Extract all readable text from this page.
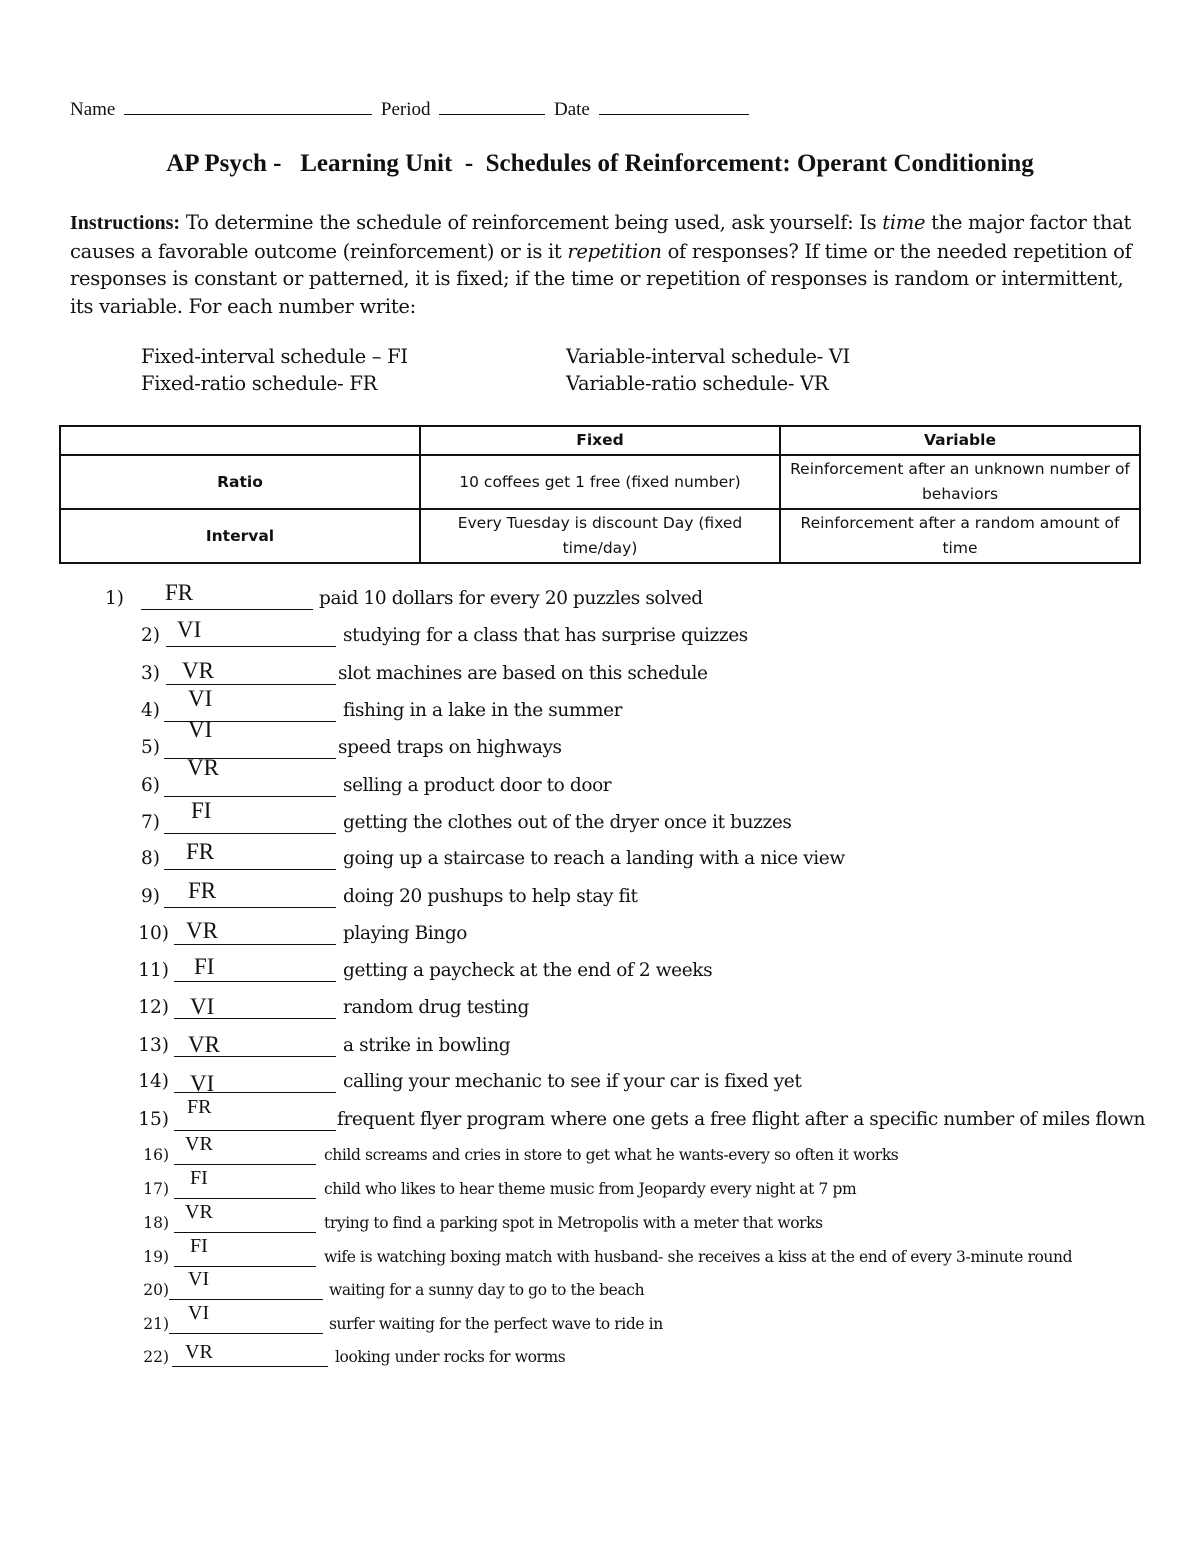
Name	Period	Date
AP Psych -   Learning Unit  -  Schedules of Reinforcement: Operant Conditioning
Instructions: To determine the schedule of reinforcement being used, ask yourself: Is time the major factor that causes a favorable outcome (reinforcement) or is it repetition of responses? If time or the needed repetition of responses is constant or patterned, it is fixed; if the time or repetition of responses is random or intermittent, its variable. For each number write:
Fixed-interval schedule – FI
Fixed-ratio schedule- FR
Variable-interval schedule- VI
Variable-ratio schedule- VR
	Fixed	Variable
Ratio	10 coffees get 1 free (fixed number)	Reinforcement after an unknown number of behaviors
Interval	Every Tuesday is discount Day (fixed time/day)	Reinforcement after a random amount of time
1) FR	paid 10 dollars for every 20 puzzles solved
2) VI	studying for a class that has surprise quizzes
3) VR	slot machines are based on this schedule
4) VI	fishing in a lake in the summer
5)
VI
speed traps on highways
6)
VR
selling a product door to door
7) FI	getting the clothes out of the dryer once it buzzes
8) FR	going up a staircase to reach a landing with a nice view
9) FR	doing 20 pushups to help stay fit
10) VR	playing Bingo
11) FI	getting a paycheck at the end of 2 weeks
12) VI	random drug testing
13) VR	a strike in bowling
14) VI	calling your mechanic to see if your car is fixed yet
15)
FR
frequent flyer program where one gets a free flight after a specific number of miles flown
16) VR	child screams and cries in store to get what he wants-every so often it works
17) FI	child who likes to hear theme music from Jeopardy every night at 7 pm
18) VR	trying to find a parking spot in Metropolis with a meter that works
19) FI	wife is watching boxing match with husband- she receives a kiss at the end of every 3-minute round
20) VI	waiting for a sunny day to go to the beach
21) VI	surfer waiting for the perfect wave to ride in
22) VR	looking under rocks for worms
